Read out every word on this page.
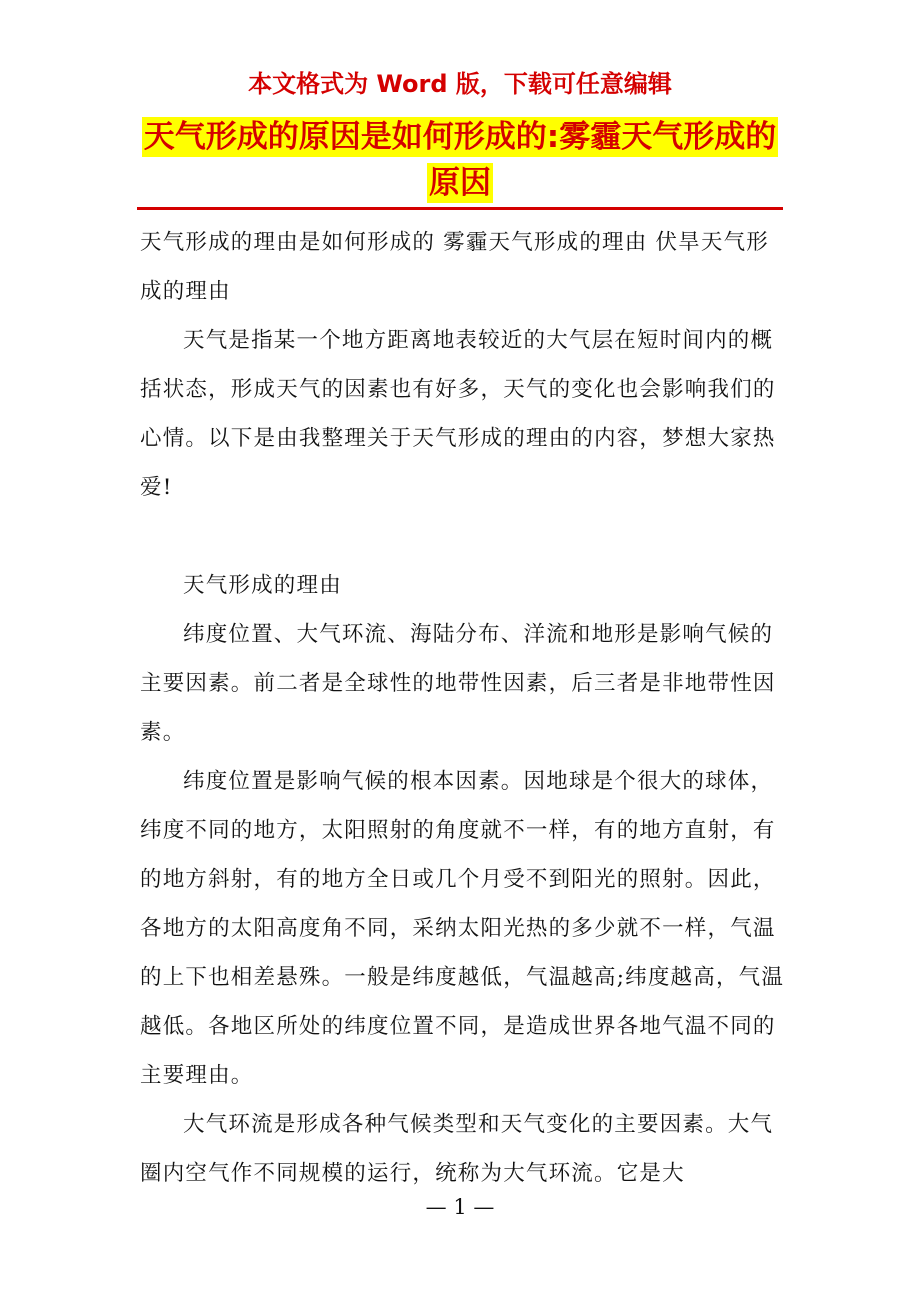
本文格式为 Word 版，下载可任意编辑
天气形成的原因是如何形成的:雾霾天气形成的原因

天气形成的理由是如何形成的 雾霾天气形成的理由 伏旱天气形成的理由

天气是指某一个地方距离地表较近的大气层在短时间内的概括状态，形成天气的因素也有好多，天气的变化也会影响我们的心情。以下是由我整理关于天气形成的理由的内容，梦想大家热爱!

天气形成的理由

纬度位置、大气环流、海陆分布、洋流和地形是影响气候的主要因素。前二者是全球性的地带性因素，后三者是非地带性因素。

纬度位置是影响气候的根本因素。因地球是个很大的球体，纬度不同的地方，太阳照射的角度就不一样，有的地方直射，有的地方斜射，有的地方全日或几个月受不到阳光的照射。因此，各地方的太阳高度角不同，采纳太阳光热的多少就不一样，气温的上下也相差悬殊。一般是纬度越低，气温越高;纬度越高，气温越低。各地区所处的纬度位置不同，是造成世界各地气温不同的主要理由。

大气环流是形成各种气候类型和天气变化的主要因素。大气圈内空气作不同规模的运行，统称为大气环流。它是大

— 1 —
